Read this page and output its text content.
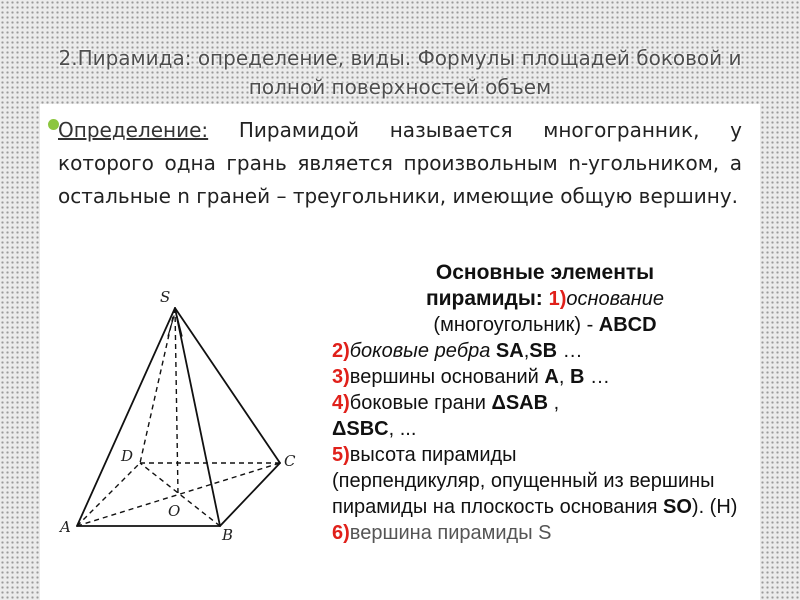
2.Пирамида: определение, виды. Формулы площадей боковой и
полной поверхностей объем
Определение: Пирамидой называется многогранник, у которого одна грань является произвольным n-угольником, а остальные n граней – треугольники, имеющие общую вершину.
S
A	B
C
D
O

Основные элементы

пирамиды: 1)основание

(многоугольник) - ABCD

2)боковые ребра SA,SB …

3)вершины оснований A, B …

4)боковые грани ΔSAB ,

ΔSBC, ...

5)высота пирамиды

(перпендикуляр, опущенный из вершины пирамиды на плоскость основания SO). (H)

6)вершина пирамиды S
